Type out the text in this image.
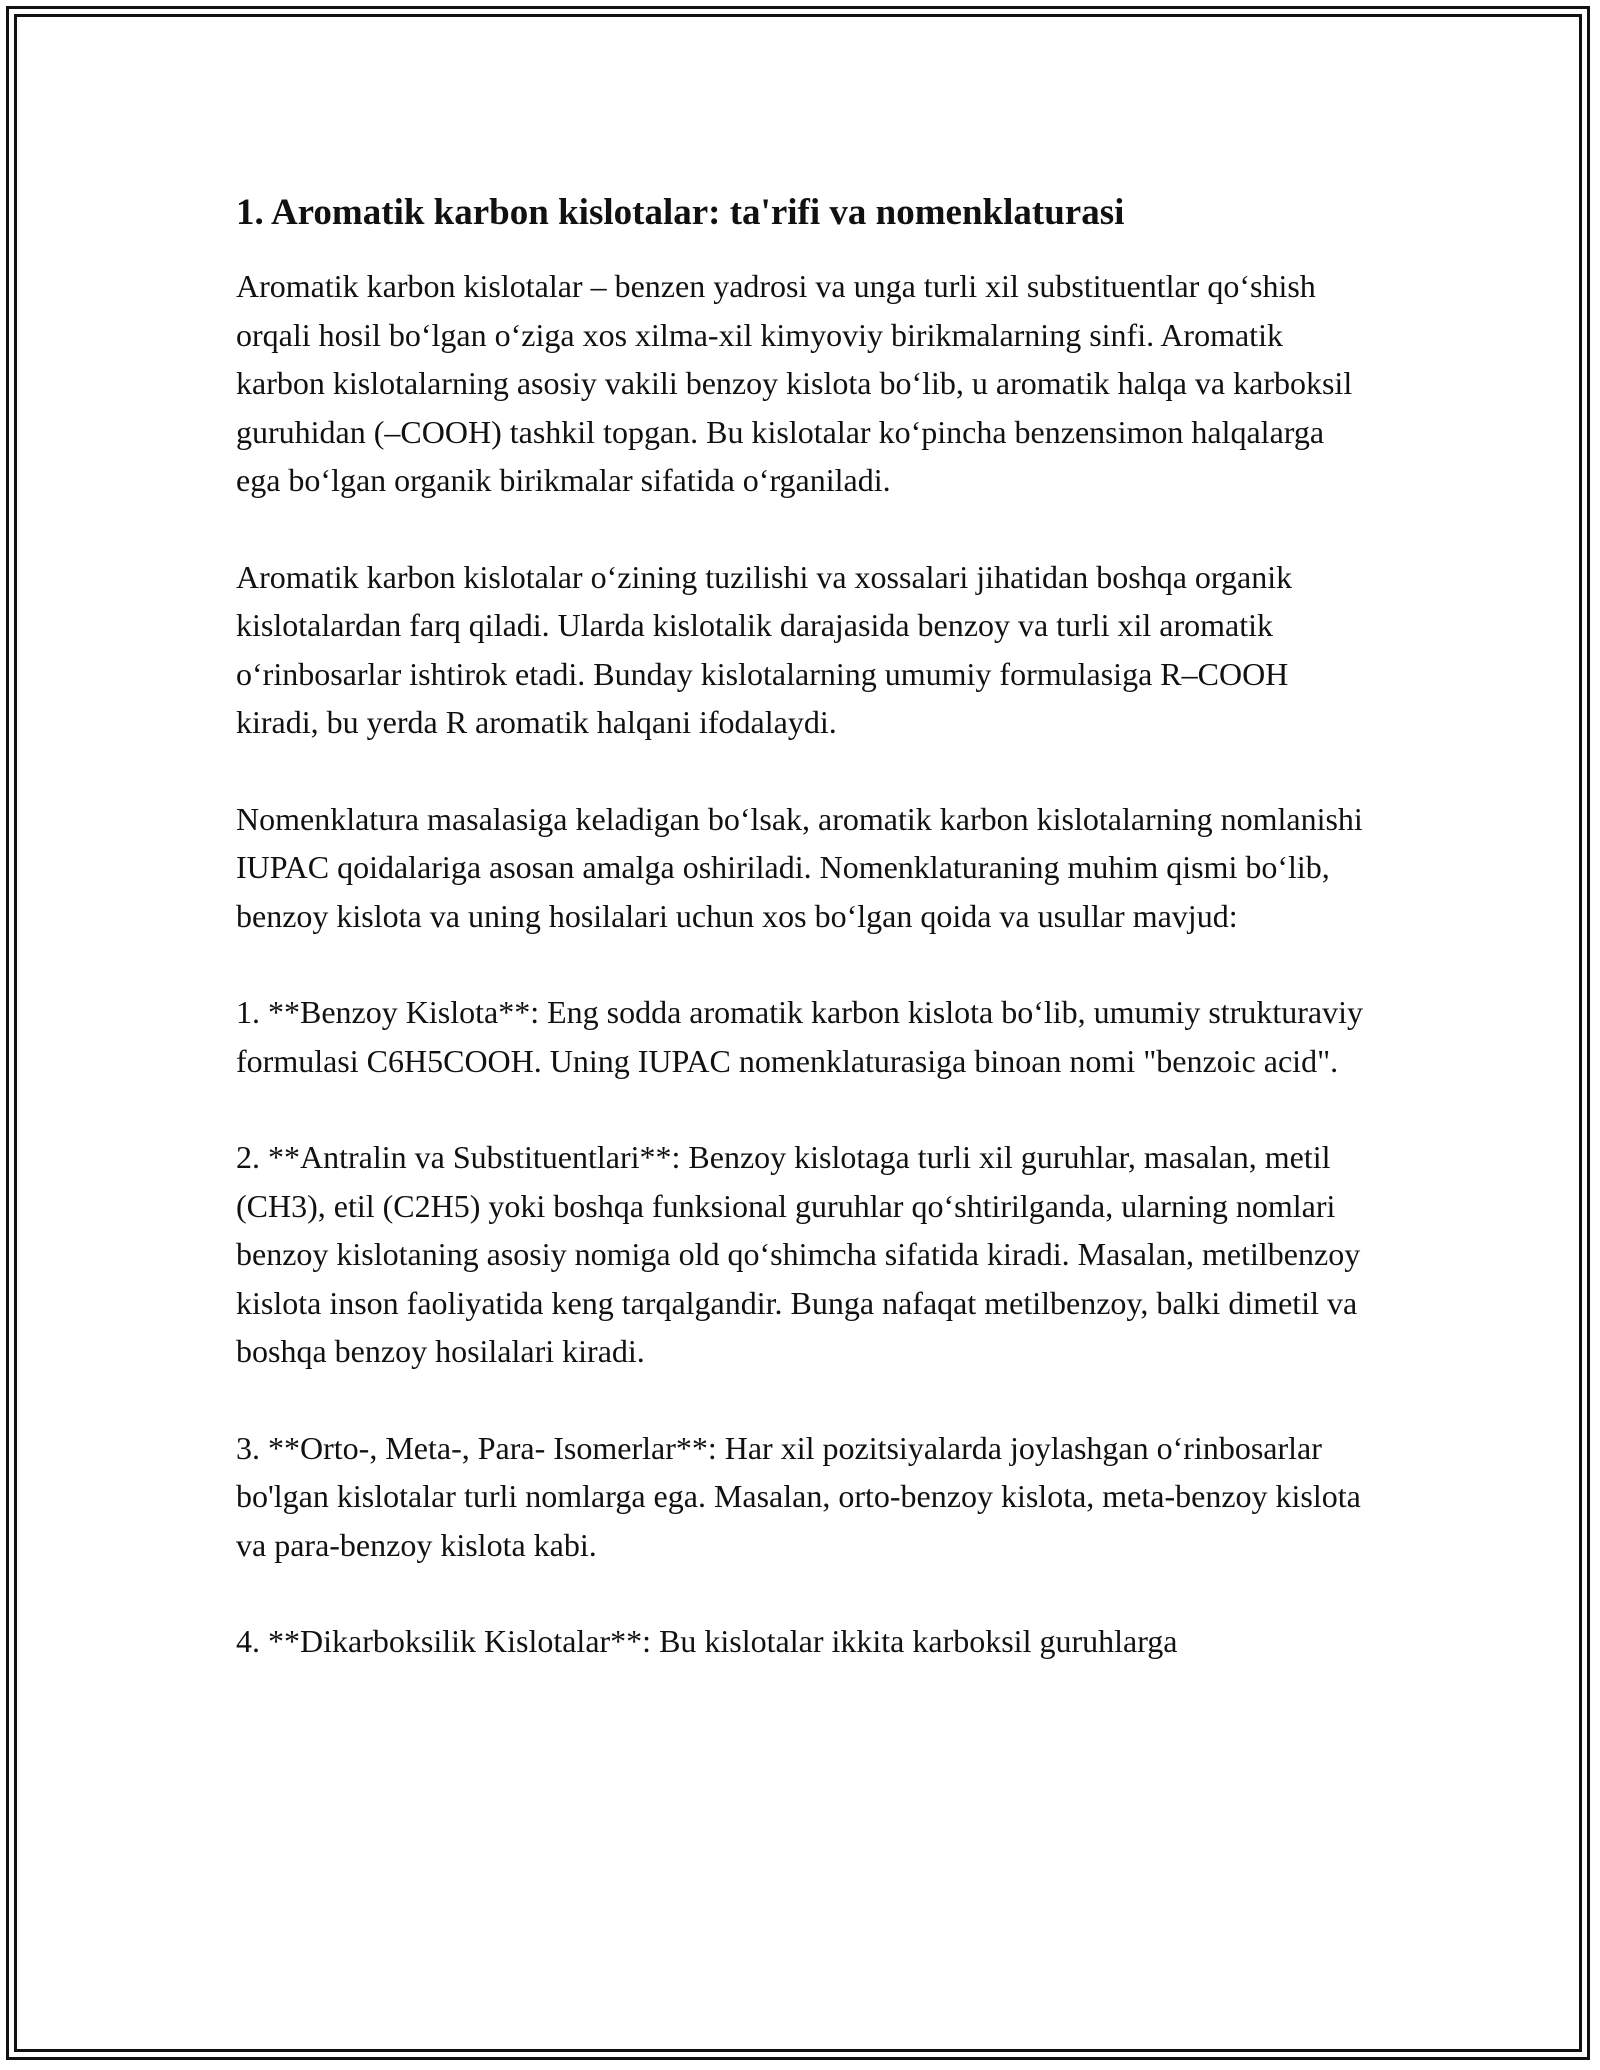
1. Aromatik karbon kislotalar: ta'rifi va nomenklaturasi

Aromatik karbon kislotalar – benzen yadrosi va unga turli xil substituentlar qo‘shish orqali hosil bo‘lgan o‘ziga xos xilma-xil kimyoviy birikmalarning sinfi. Aromatik karbon kislotalarning asosiy vakili benzoy kislota bo‘lib, u aromatik halqa va karboksil guruhidan (–COOH) tashkil topgan. Bu kislotalar ko‘pincha benzensimon halqalarga ega bo‘lgan organik birikmalar sifatida o‘rganiladi.

Aromatik karbon kislotalar o‘zining tuzilishi va xossalari jihatidan boshqa organik kislotalardan farq qiladi. Ularda kislotalik darajasida benzoy va turli xil aromatik o‘rinbosarlar ishtirok etadi. Bunday kislotalarning umumiy formulasiga R–COOH kiradi, bu yerda R aromatik halqani ifodalaydi.

Nomenklatura masalasiga keladigan bo‘lsak, aromatik karbon kislotalarning nomlanishi IUPAC qoidalariga asosan amalga oshiriladi. Nomenklaturaning muhim qismi bo‘lib, benzoy kislota va uning hosilalari uchun xos bo‘lgan qoida va usullar mavjud:

1. **Benzoy Kislota**: Eng sodda aromatik karbon kislota bo‘lib, umumiy strukturaviy formulasi C6H5COOH. Uning IUPAC nomenklaturasiga binoan nomi "benzoic acid".

2. **Antralin va Substituentlari**: Benzoy kislotaga turli xil guruhlar, masalan, metil (CH3), etil (C2H5) yoki boshqa funksional guruhlar qo‘shtirilganda, ularning nomlari benzoy kislotaning asosiy nomiga old qo‘shimcha sifatida kiradi. Masalan, metilbenzoy kislota inson faoliyatida keng tarqalgandir. Bunga nafaqat metilbenzoy, balki dimetil va boshqa benzoy hosilalari kiradi.

3. **Orto-, Meta-, Para- Isomerlar**: Har xil pozitsiyalarda joylashgan o‘rinbosarlar bo'lgan kislotalar turli nomlarga ega. Masalan, orto-benzoy kislota, meta-benzoy kislota va para-benzoy kislota kabi.

4. **Dikarboksilik Kislotalar**: Bu kislotalar ikkita karboksil guruhlarga
